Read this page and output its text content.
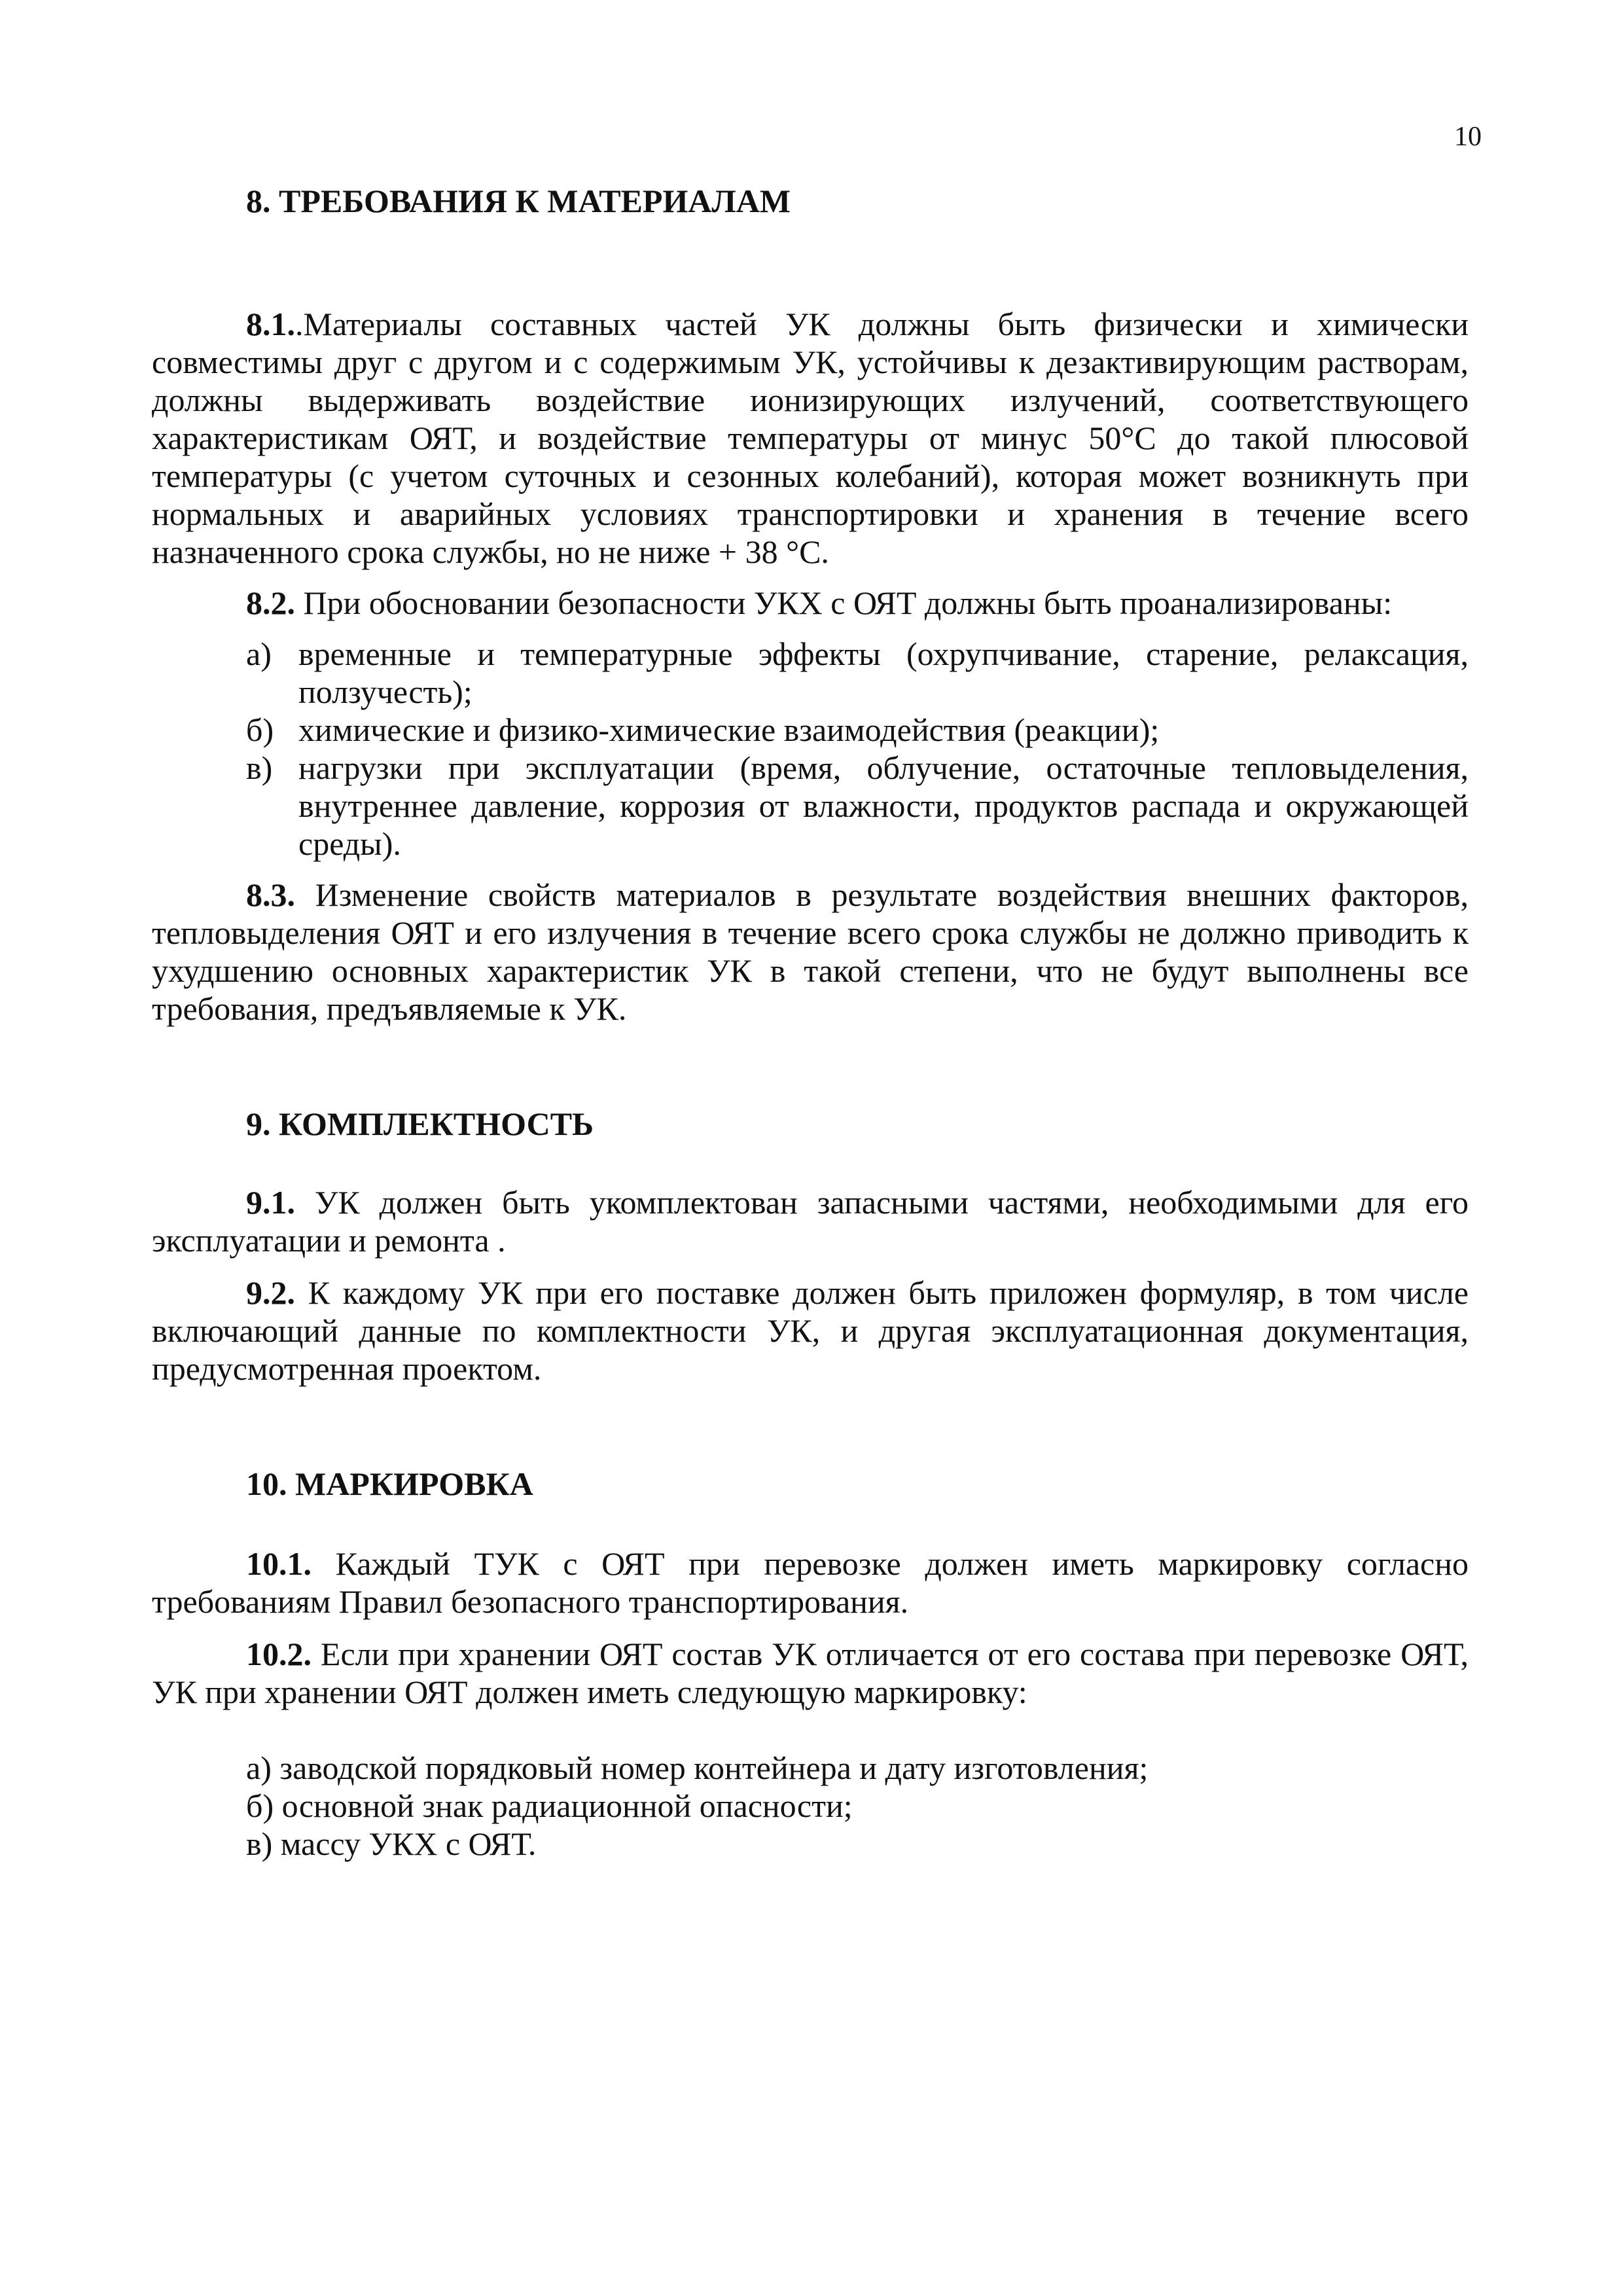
10
8. ТРЕБОВАНИЯ К МАТЕРИАЛАМ

8.1..Материалы составных частей УК должны быть физически и химически совместимы друг с другом и с содержимым УК, устойчивы к дезактивирующим растворам, должны выдерживать воздействие ионизирующих излучений, соответствующего характеристикам ОЯТ, и воздействие температуры от минус 50°C до такой плюсовой температуры (с учетом суточных и сезонных колебаний), которая может возникнуть при нормальных и аварийных условиях транспортировки и хранения в течение всего назначенного срока службы, но не ниже + 38 °C.

8.2. При обосновании безопасности УКХ с ОЯТ должны быть проанализированы:

а) временные и температурные эффекты (охрупчивание, старение, релаксация, ползучесть);
б) химические и физико-химические взаимодействия (реакции);
в) нагрузки при эксплуатации (время, облучение, остаточные тепловыделения, внутреннее давление, коррозия от влажности, продуктов распада и окружающей среды).

8.3. Изменение свойств материалов в результате воздействия внешних факторов, тепловыделения ОЯТ и его излучения в течение всего срока службы не должно приводить к ухудшению основных характеристик УК в такой степени, что не будут выполнены все требования, предъявляемые к УК.

9. КОМПЛЕКТНОСТЬ

9.1. УК должен быть укомплектован запасными частями, необходимыми для его эксплуатации и ремонта .

9.2. К каждому УК при его поставке должен быть приложен формуляр, в том числе включающий данные по комплектности УК, и другая эксплуатационная документация, предусмотренная проектом.

10. МАРКИРОВКА

10.1. Каждый ТУК с ОЯТ при перевозке должен иметь маркировку согласно требованиям Правил безопасного транспортирования.

10.2. Если при хранении ОЯТ состав УК отличается от его состава при перевозке ОЯТ, УК при хранении ОЯТ должен иметь следующую маркировку:

а) заводской порядковый номер контейнера и дату изготовления;
б) основной знак радиационной опасности;
в) массу УКХ с ОЯТ.
